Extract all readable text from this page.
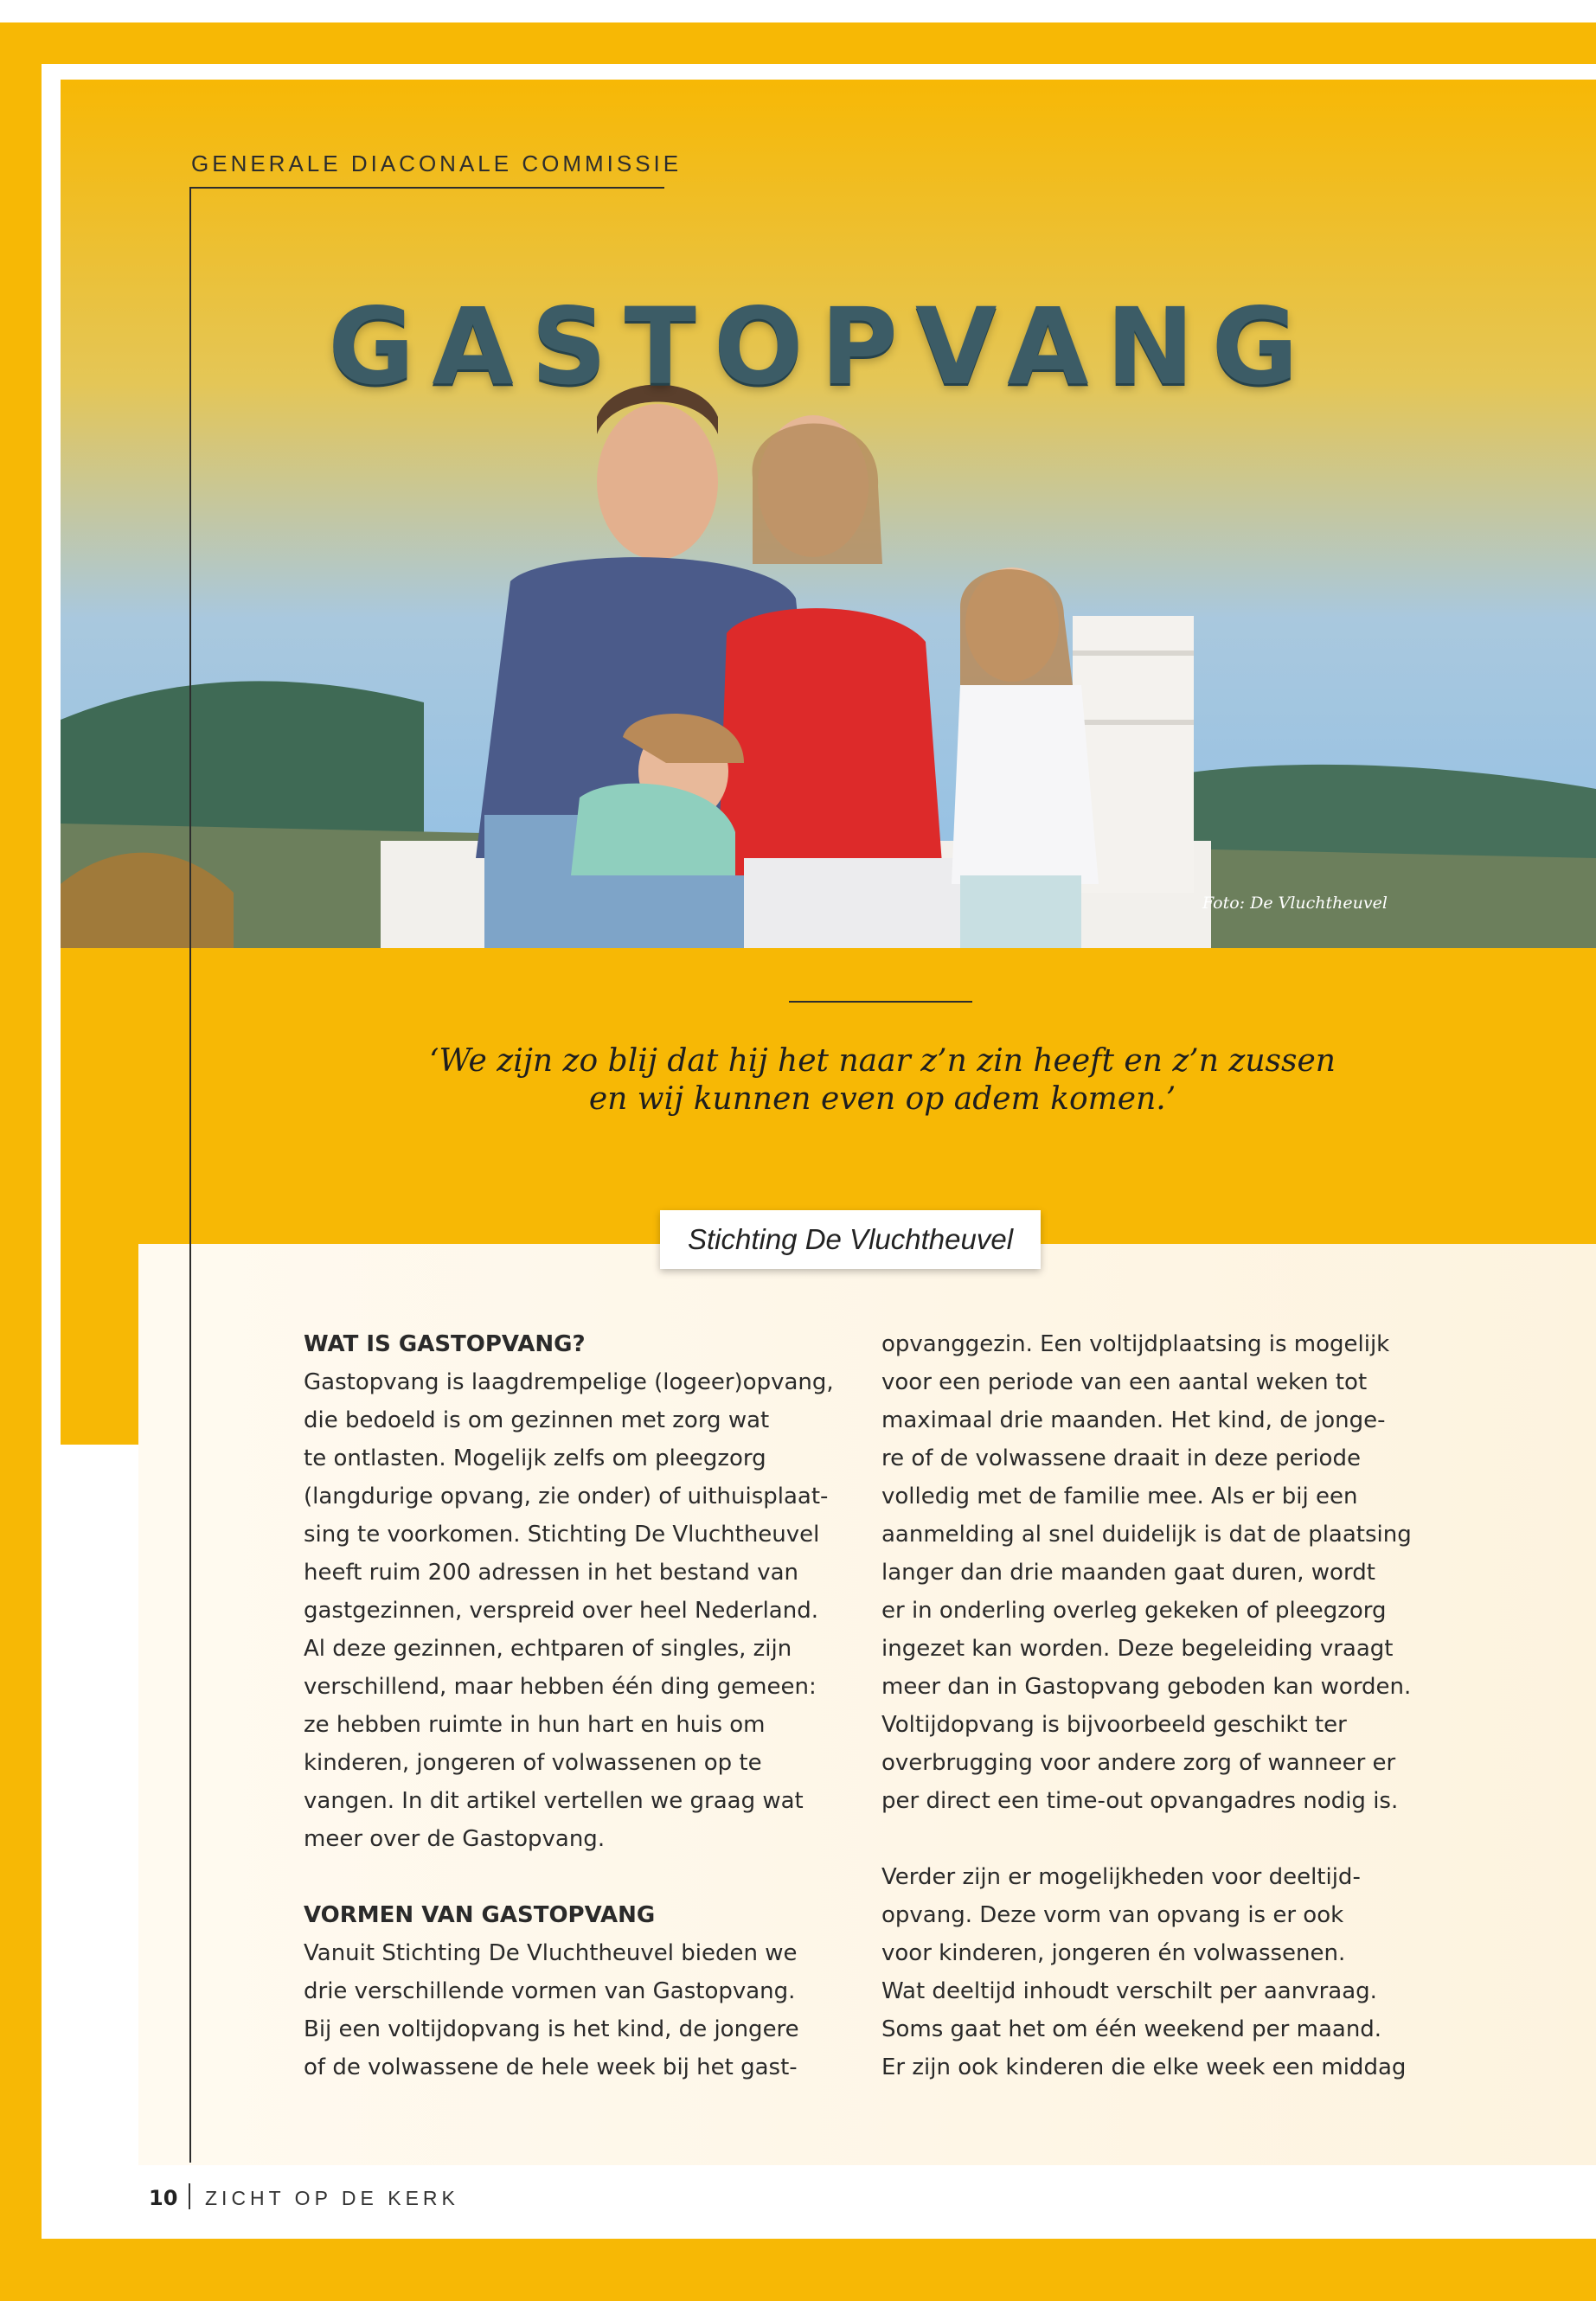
GENERALE DIACONALE COMMISSIE
GASTOPVANG
Foto: De Vluchtheuvel
‘We zijn zo blij dat hij het naar z’n zin heeft en z’n zussen
en wij kunnen even op adem komen.’
Stichting De Vluchtheuvel
WAT IS GASTOPVANG?
Gastopvang is laagdrempelige (logeer)opvang,
die bedoeld is om gezinnen met zorg wat
te ontlasten. Mogelijk zelfs om pleegzorg
(langdurige opvang, zie onder) of uithuisplaat-
sing te voorkomen. Stichting De Vluchtheuvel
heeft ruim 200 adressen in het bestand van
gastgezinnen, verspreid over heel Nederland.
Al deze gezinnen, echtparen of singles, zijn
verschillend, maar hebben één ding gemeen:
ze hebben ruimte in hun hart en huis om
kinderen, jongeren of volwassenen op te
vangen. In dit artikel vertellen we graag wat
meer over de Gastopvang.
VORMEN VAN GASTOPVANG
Vanuit Stichting De Vluchtheuvel bieden we
drie verschillende vormen van Gastopvang.
Bij een voltijdopvang is het kind, de jongere
of de volwassene de hele week bij het gast-
opvanggezin. Een voltijdplaatsing is mogelijk
voor een periode van een aantal weken tot
maximaal drie maanden. Het kind, de jonge-
re of de volwassene draait in deze periode
volledig met de familie mee. Als er bij een
aanmelding al snel duidelijk is dat de plaatsing
langer dan drie maanden gaat duren, wordt
er in onderling overleg gekeken of pleegzorg
ingezet kan worden. Deze begeleiding vraagt
meer dan in Gastopvang geboden kan worden.
Voltijdopvang is bijvoorbeeld geschikt ter
overbrugging voor andere zorg of wanneer er
per direct een time-out opvangadres nodig is.
Verder zijn er mogelijkheden voor deeltijd-
opvang. Deze vorm van opvang is er ook
voor kinderen, jongeren én volwassenen.
Wat deeltijd inhoudt verschilt per aanvraag.
Soms gaat het om één weekend per maand.
Er zijn ook kinderen die elke week een middag
10 ZICHT OP DE KERK
